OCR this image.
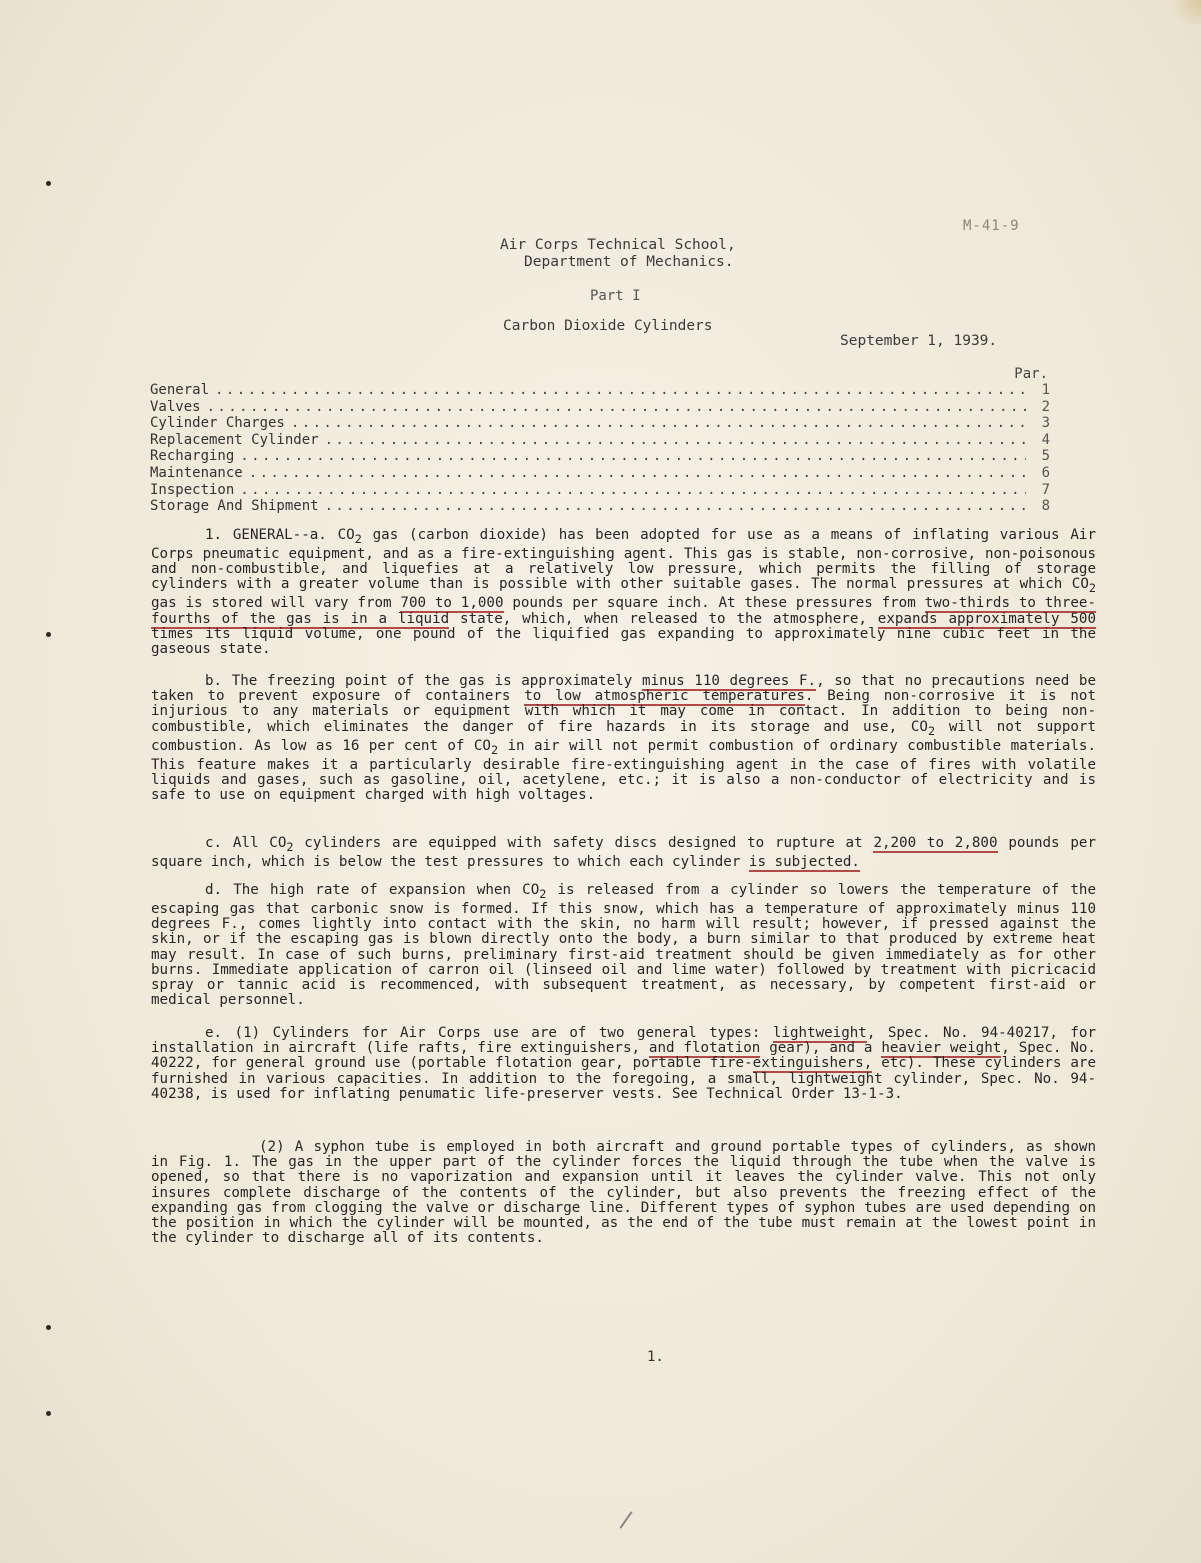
M-41-9
Air Corps Technical School,
Department of Mechanics.
Part I
Carbon Dioxide Cylinders
September 1, 1939.
Par.
General . . .	1
Valves . . .	2
Cylinder Charges . . .	3
Replacement Cylinder . . .	4
Recharging . . .	5
Maintenance . . .	6
Inspection . . .	7
Storage And Shipment . . .	8

1. GENERAL--a. $CO_2$ gas (carbon dioxide) has been adopted for use as a means of inflating various Air Corps pneumatic equipment, and as a fire-extinguishing agent. This gas is stable, non-corrosive, non-poisonous and non-combustible, and liquefies at a relatively low pressure, which permits the filling of storage cylinders with a greater volume than is possible with other suitable gases. The normal pressures at which $CO_2$ gas is stored will vary from 700 to 1,000 pounds per square inch. At these pressures from two-thirds to three-fourths of the gas is in a liquid state, which, when released to the atmosphere, expands approximately 500 times its liquid volume, one pound of the liquified gas expanding to approximately nine cubic feet in the gaseous state.

b. The freezing point of the gas is approximately minus 110 degrees F., so that no precautions need be taken to prevent exposure of containers to low atmospheric temperatures. Being non-corrosive it is not injurious to any materials or equipment with which it may come in contact. In addition to being non-combustible, which eliminates the danger of fire hazards in its storage and use, $CO_2$ will not support combustion. As low as 16 per cent of $CO_2$ in air will not permit combustion of ordinary combustible materials. This feature makes it a particularly desirable fire-extinguishing agent in the case of fires with volatile liquids and gases, such as gasoline, oil, acetylene, etc.; it is also a non-conductor of electricity and is safe to use on equipment charged with high voltages.

c. All $CO_2$ cylinders are equipped with safety discs designed to rupture at 2,200 to 2,800 pounds per square inch, which is below the test pressures to which each cylinder is subjected.

d. The high rate of expansion when $CO_2$ is released from a cylinder so lowers the temperature of the escaping gas that carbonic snow is formed. If this snow, which has a temperature of approximately minus 110 degrees F., comes lightly into contact with the skin, no harm will result; however, if pressed against the skin, or if the escaping gas is blown directly onto the body, a burn similar to that produced by extreme heat may result. In case of such burns, preliminary first-aid treatment should be given immediately as for other burns. Immediate application of carron oil (linseed oil and lime water) followed by treatment with picricacid spray or tannic acid is recommenced, with subsequent treatment, as necessary, by competent first-aid or medical personnel.

e. (1) Cylinders for Air Corps use are of two general types: lightweight, Spec. No. 94-40217, for installation in aircraft (life rafts, fire extinguishers, and flotation gear), and a heavier weight, Spec. No. 40222, for general ground use (portable flotation gear, portable fire-extinguishers, etc). These cylinders are furnished in various capacities. In addition to the foregoing, a small, lightweight cylinder, Spec. No. 94-40238, is used for inflating penumatic life-preserver vests. See Technical Order 13-1-3.

(2) A syphon tube is employed in both aircraft and ground portable types of cylinders, as shown in Fig. 1. The gas in the upper part of the cylinder forces the liquid through the tube when the valve is opened, so that there is no vaporization and expansion until it leaves the cylinder valve. This not only insures complete discharge of the contents of the cylinder, but also prevents the freezing effect of the expanding gas from clogging the valve or discharge line. Different types of syphon tubes are used depending on the position in which the cylinder will be mounted, as the end of the tube must remain at the lowest point in the cylinder to discharge all of its contents.

1.
